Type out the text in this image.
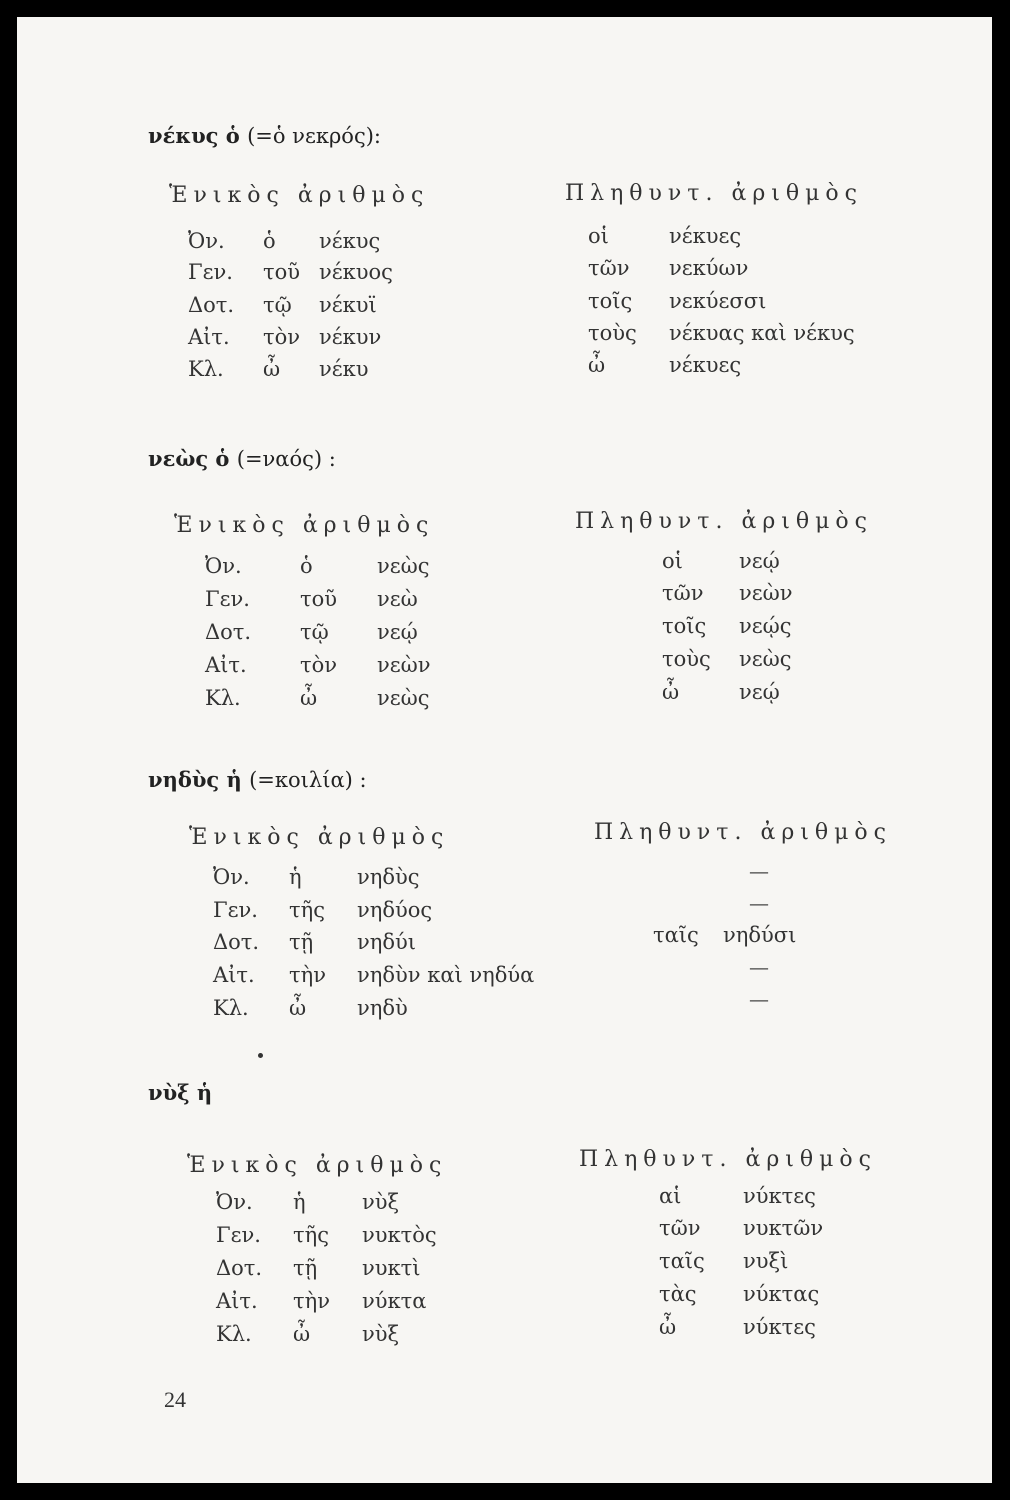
νέκυς ὁ (=ὁ νεκρός):
Ἑνικὸς ἀριθμὸς	Πληθυντ. ἀριθμὸς
Ὀν. ὁ νέκυς
Γεν. τοῦ νέκυος
Δοτ. τῷ νέκυϊ
Αἰτ. τὸν νέκυν
Κλ. ὦ νέκυ
οἱ	νέκυες
τῶν νεκύων
τοῖς νεκύεσσι
τοὺς νέκυας καὶ νέκυς
ὦ	νέκυες
νεὼς ὁ (=ναός) :
Ἑνικὸς ἀριθμὸς	Πληθυντ. ἀριθμὸς
Ὀν.	ὁ	νεὼς
Γεν. τοῦ νεὼ
Δοτ. τῷ νεῴ
Αἰτ.	τὸν νεὼν
Κλ.	ὦ	νεὼς
οἱ	νεῴ
τῶν νεὼν
τοῖς νεῴς
τοὺς νεὼς
ὦ	νεῴ
νηδὺς ἡ (=κοιλία) :
Ἑνικὸς ἀριθμὸς	Πληθυντ. ἀριθμὸς
Ὀν. ἡ	νηδὺς
Γεν. τῆς νηδύος
Δοτ. τῇ νηδύι
Αἰτ. τὴν νηδὺν καὶ νηδύα
Κλ. ὦ νηδὺ
—
—
ταῖς νηδύσι
—
—
νὺξ ἡ
Ἑνικὸς ἀριθμὸς	Πληθυντ. ἀριθμὸς
Ὀν. ἡ	νὺξ
Γεν. τῆς νυκτὸς
Δοτ. τῇ νυκτὶ
Αἰτ. τὴν νύκτα
Κλ. ὦ νὺξ
αἱ	νύκτες
τῶν νυκτῶν
ταῖς νυξὶ
τὰς νύκτας
ὦ	νύκτες
24
